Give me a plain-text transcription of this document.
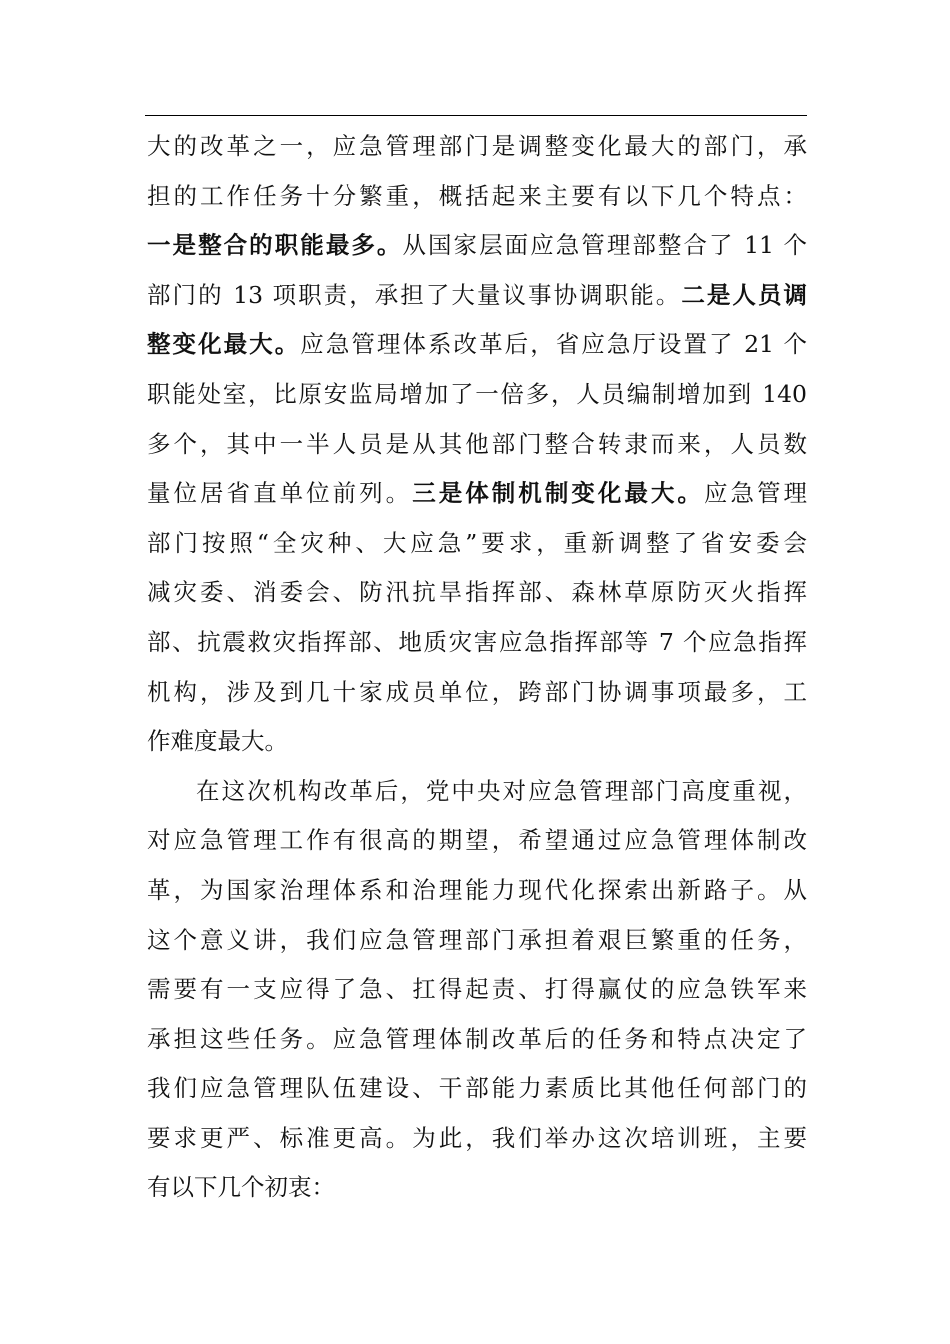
大的改革之一，应急管理部门是调整变化最大的部门，承
担的工作任务十分繁重，概括起来主要有以下几个特点：
一是整合的职能最多。从国家层面应急管理部整合了 11 个
部门的 13 项职责，承担了大量议事协调职能。二是人员调
整变化最大。应急管理体系改革后，省应急厅设置了 21 个
职能处室，比原安监局增加了一倍多，人员编制增加到 140
多个，其中一半人员是从其他部门整合转隶而来，人员数
量位居省直单位前列。三是体制机制变化最大。应急管理
部门按照“全灾种、大应急”要求，重新调整了省安委会
减灾委、消委会、防汛抗旱指挥部、森林草原防灭火指挥
部、抗震救灾指挥部、地质灾害应急指挥部等 7 个应急指挥
机构，涉及到几十家成员单位，跨部门协调事项最多，工
作难度最大。
在这次机构改革后，党中央对应急管理部门高度重视，
对应急管理工作有很高的期望，希望通过应急管理体制改
革，为国家治理体系和治理能力现代化探索出新路子。从
这个意义讲，我们应急管理部门承担着艰巨繁重的任务，
需要有一支应得了急、扛得起责、打得赢仗的应急铁军来
承担这些任务。应急管理体制改革后的任务和特点决定了
我们应急管理队伍建设、干部能力素质比其他任何部门的
要求更严、标准更高。为此，我们举办这次培训班，主要
有以下几个初衷：
